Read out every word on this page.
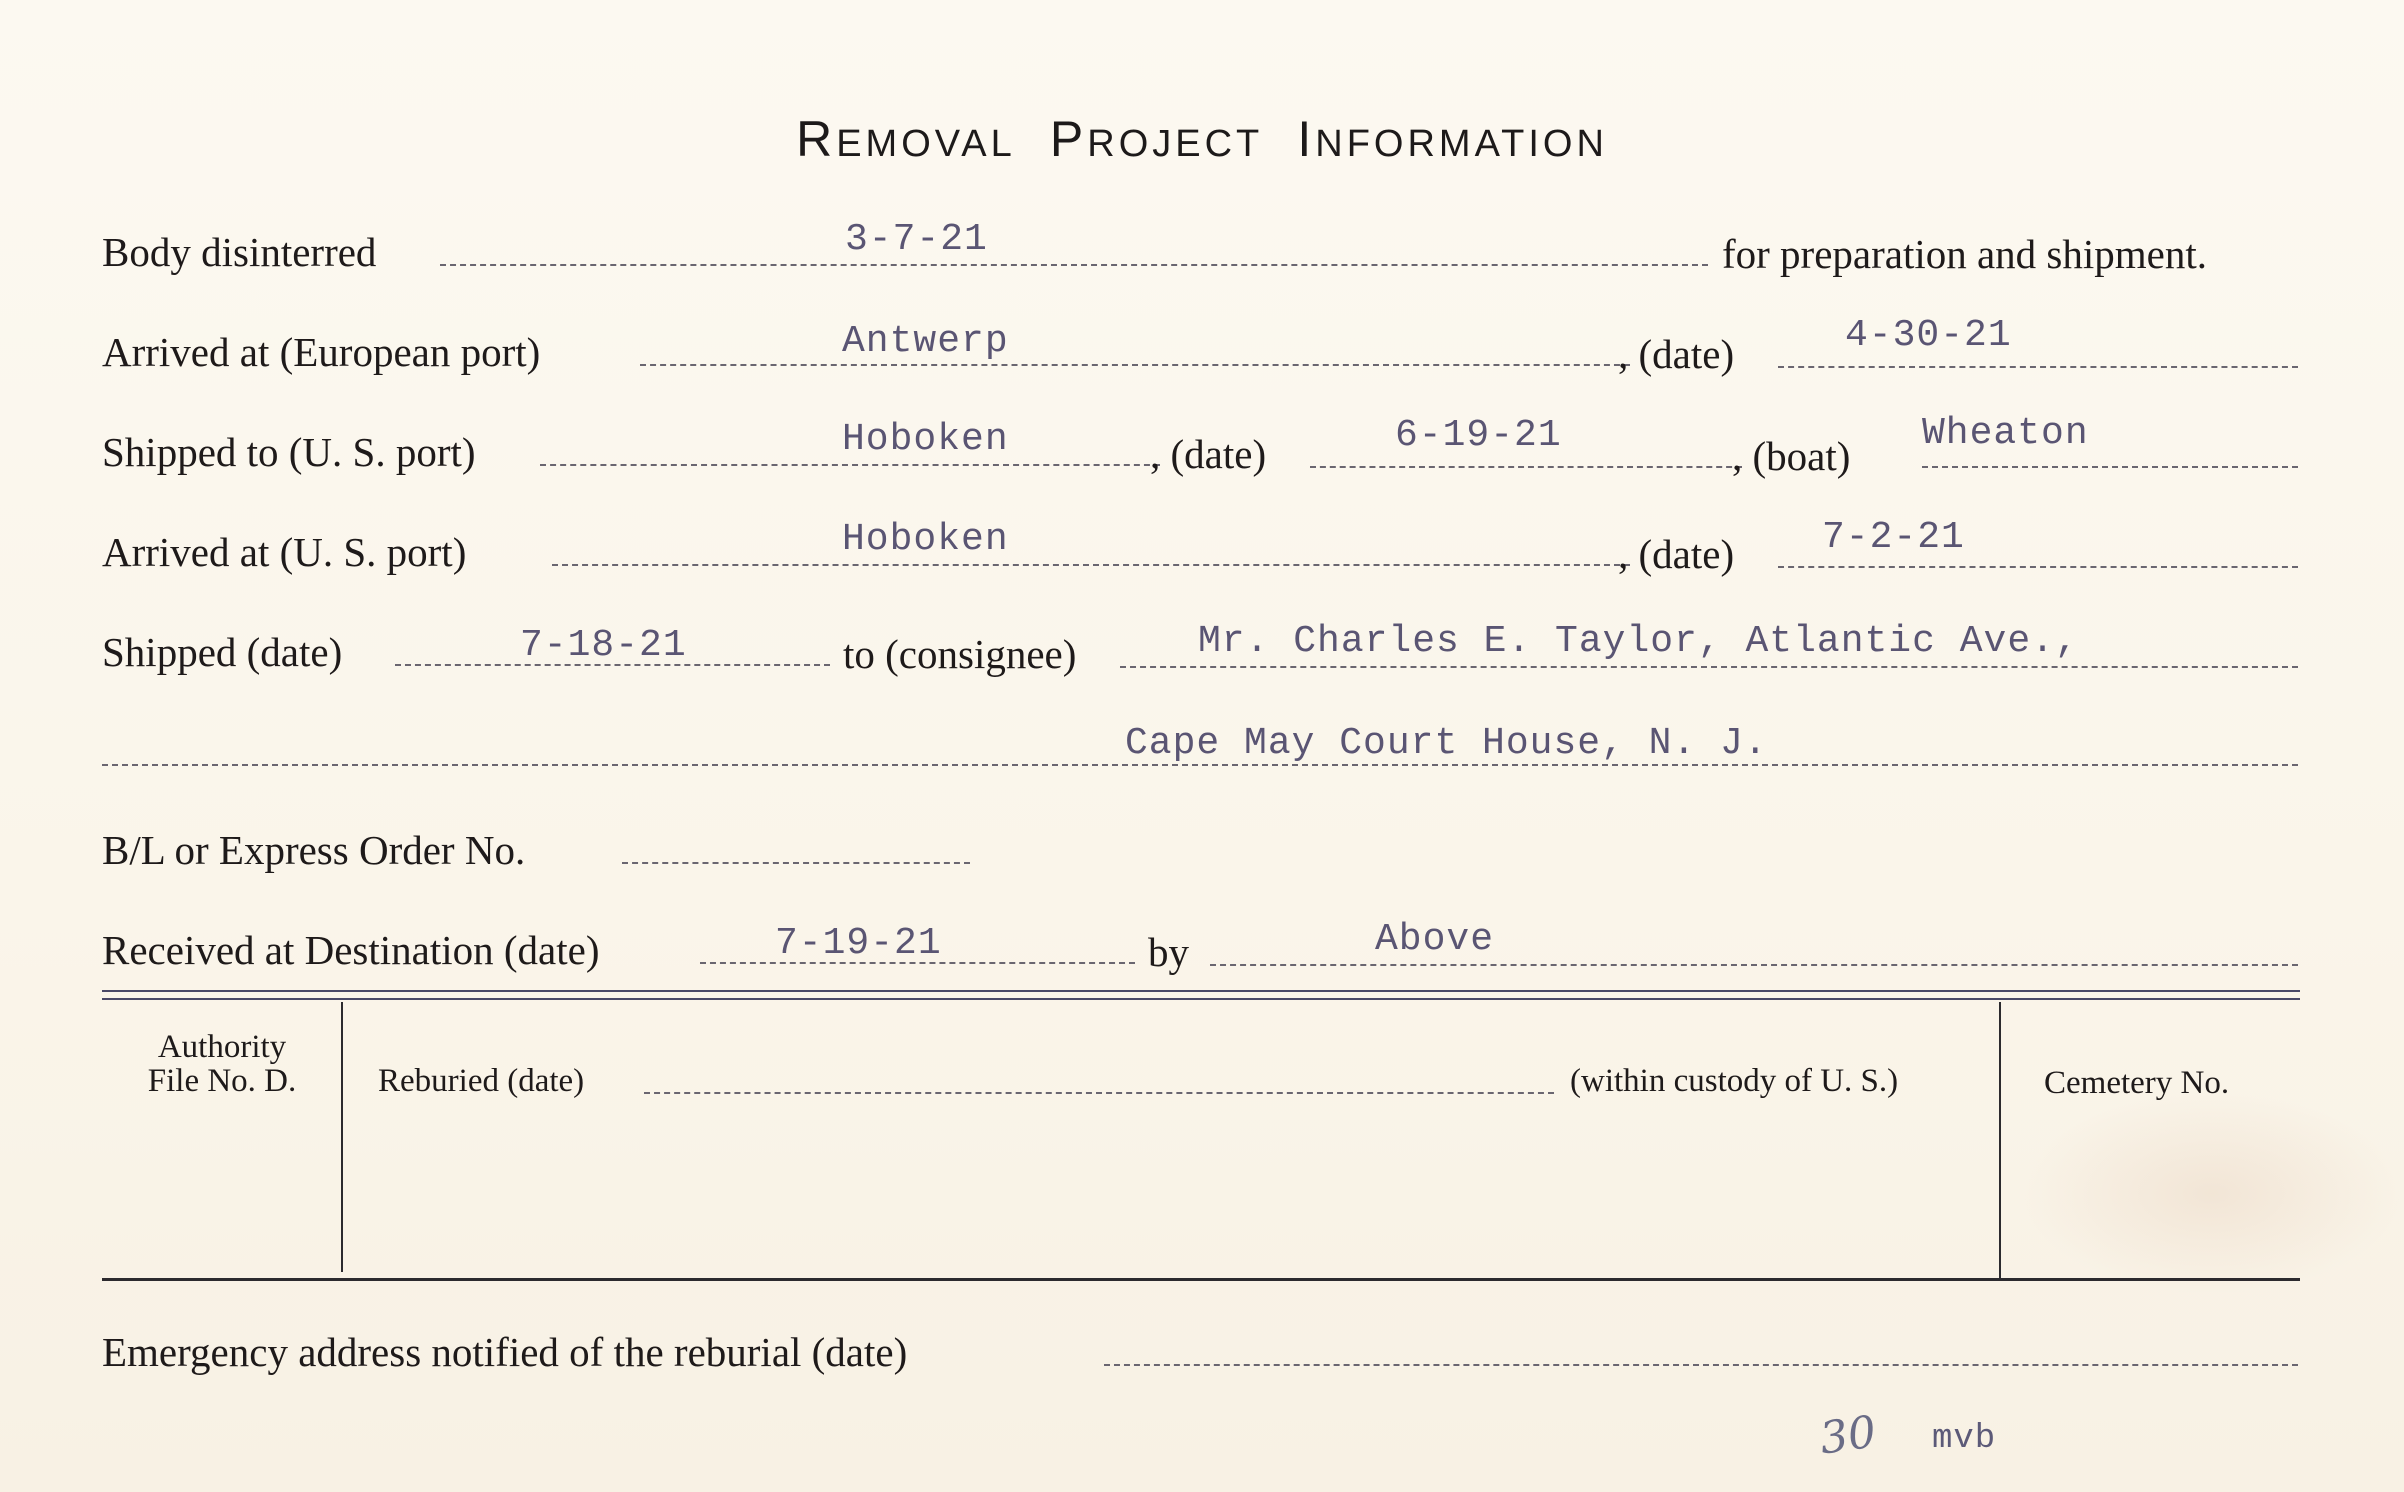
REMOVAL PROJECT INFORMATION
Body disinterred	3-7-21	for preparation and shipment.
Arrived at (European port)	Antwerp	, (date)	4-30-21
Shipped to (U. S. port)	Hoboken	, (date)	6-19-21	, (boat) Wheaton
Arrived at (U. S. port)	Hoboken	, (date) 7-2-21
Shipped (date)	7-18-21	to (consignee)	Mr. Charles E. Taylor, Atlantic Ave.,
Cape May Court House, N. J.
B/L or Express Order No.
Received at Destination (date)	7-19-21	by	Above
Authority
File No. D.	Reburied (date)	(within custody of U. S.)	Cemetery No.
Emergency address notified of the reburial (date)
30 mvb
